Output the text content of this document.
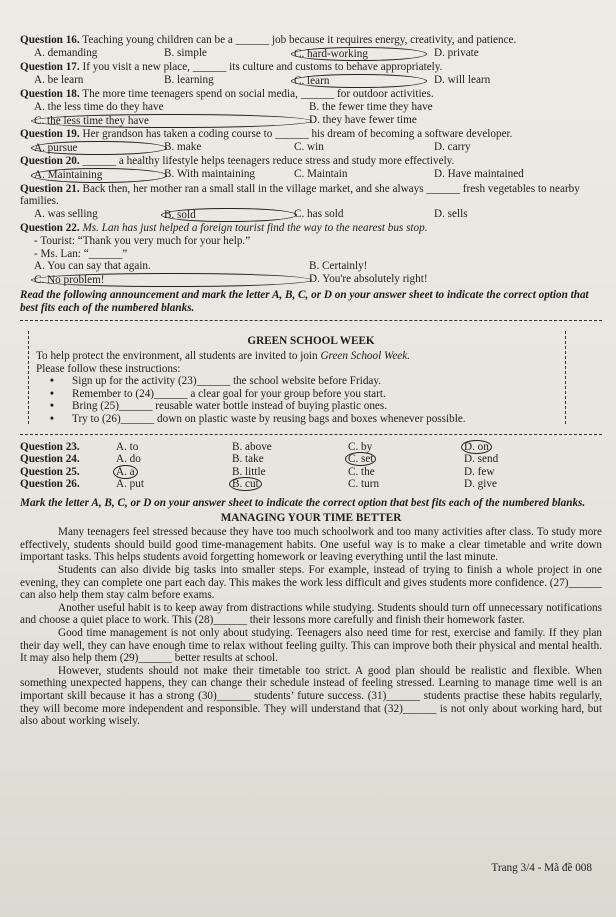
Question 16. Teaching young children can be a ______ job because it requires energy, creativity, and patience.
A. demanding	B. simple	C. hard-working	D. private
Question 17. If you visit a new place, ______ its culture and customs to behave appropriately.
A. be learn	B. learning	C. learn	D. will learn
Question 18. The more time teenagers spend on social media, ______ for outdoor activities.
A. the less time do they have	B. the fewer time they have
C. the less time they have	D. they have fewer time
Question 19. Her grandson has taken a coding course to ______ his dream of becoming a software developer.
A. pursue	B. make	C. win	D. carry
Question 20. ______ a healthy lifestyle helps teenagers reduce stress and study more effectively.
A. Maintaining	B. With maintaining	C. Maintain	D. Have maintained
Question 21. Back then, her mother ran a small stall in the village market, and she always ______ fresh vegetables to nearby families.
A. was selling	B. sold	C. has sold	D. sells
Question 22. Ms. Lan has just helped a foreign tourist find the way to the nearest bus stop.
- Tourist: “Thank you very much for your help.”
- Ms. Lan: “______”
A. You can say that again.	B. Certainly!
C. No problem!	D. You're absolutely right!

Read the following announcement and mark the letter A, B, C, or D on your answer sheet to indicate the correct option that best fits each of the numbered blanks.

GREEN SCHOOL WEEK

To help protect the environment, all students are invited to join Green School Week.

Please follow these instructions:

• Sign up for the activity (23)______ the school website before Friday.
• Remember to (24)______ a clear goal for your group before you start.
• Bring (25)______ reusable water bottle instead of buying plastic ones.
• Try to (26)______ down on plastic waste by reusing bags and boxes whenever possible.
Question 23.	A. to	B. above	C. by	D. on
Question 24.	A. do	B. take	C. set	D. send
Question 25.	A. a	B. little	C. the	D. few
Question 26.	A. put	B. cut	C. turn	D. give

Mark the letter A, B, C, or D on your answer sheet to indicate the correct option that best fits each of the numbered blanks.

MANAGING YOUR TIME BETTER

Many teenagers feel stressed because they have too much schoolwork and too many activities after class. To study more effectively, students should build good time-management habits. One useful way is to make a clear timetable and write down important tasks. This helps students avoid forgetting homework or leaving everything until the last minute.

Students can also divide big tasks into smaller steps. For example, instead of trying to finish a whole project in one evening, they can complete one part each day. This makes the work less difficult and gives students more confidence. (27)______ can also help them stay calm before exams.

Another useful habit is to keep away from distractions while studying. Students should turn off unnecessary notifications and choose a quiet place to work. This (28)______ their lessons more carefully and finish their homework faster.

Good time management is not only about studying. Teenagers also need time for rest, exercise and family. If they plan their day well, they can have enough time to relax without feeling guilty. This can improve both their physical and mental health. It may also help them (29)______ better results at school.

However, students should not make their timetable too strict. A good plan should be realistic and flexible. When something unexpected happens, they can change their schedule instead of feeling stressed. Learning to manage time well is an important skill because it has a strong (30)______ students’ future success. (31)______ students practise these habits regularly, they will become more independent and responsible. They will understand that (32)______ is not only about working hard, but also about working wisely.

Trang 3/4 - Mã đề 008
